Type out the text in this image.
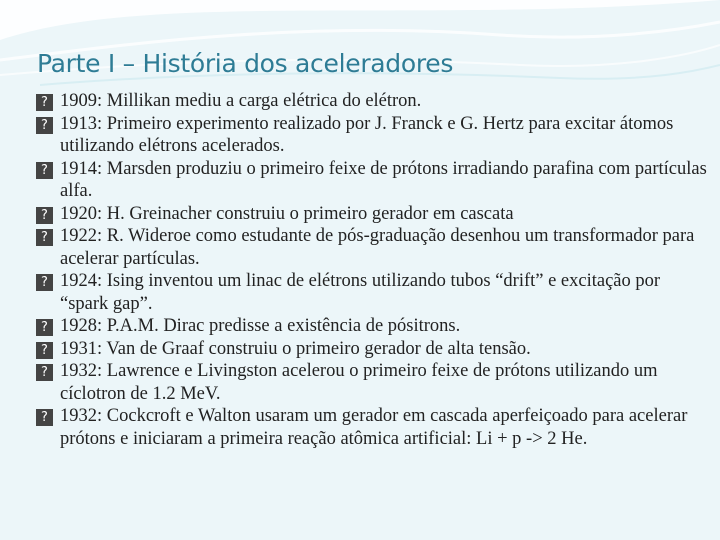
Parte I – História dos aceleradores
? 1909: Millikan mediu a carga elétrica do elétron.
? 1913: Primeiro experimento realizado por J. Franck e G. Hertz para excitar átomos utilizando elétrons acelerados.
? 1914: Marsden produziu o primeiro feixe de prótons irradiando parafina com partículas alfa.
? 1920: H. Greinacher construiu o primeiro gerador em cascata
? 1922: R. Wideroe como estudante de pós-graduação desenhou um transformador para acelerar partículas.
? 1924: Ising inventou um linac de elétrons utilizando tubos “drift” e excitação por “spark gap”.
? 1928: P.A.M. Dirac predisse a existência de pósitrons.
? 1931: Van de Graaf construiu o primeiro gerador de alta tensão.
? 1932: Lawrence e Livingston acelerou o primeiro feixe de prótons utilizando um cíclotron de 1.2 MeV.
? 1932: Cockcroft e Walton usaram um gerador em cascada aperfeiçoado para acelerar prótons e iniciaram a primeira reação atômica artificial: Li + p -> 2 He.
